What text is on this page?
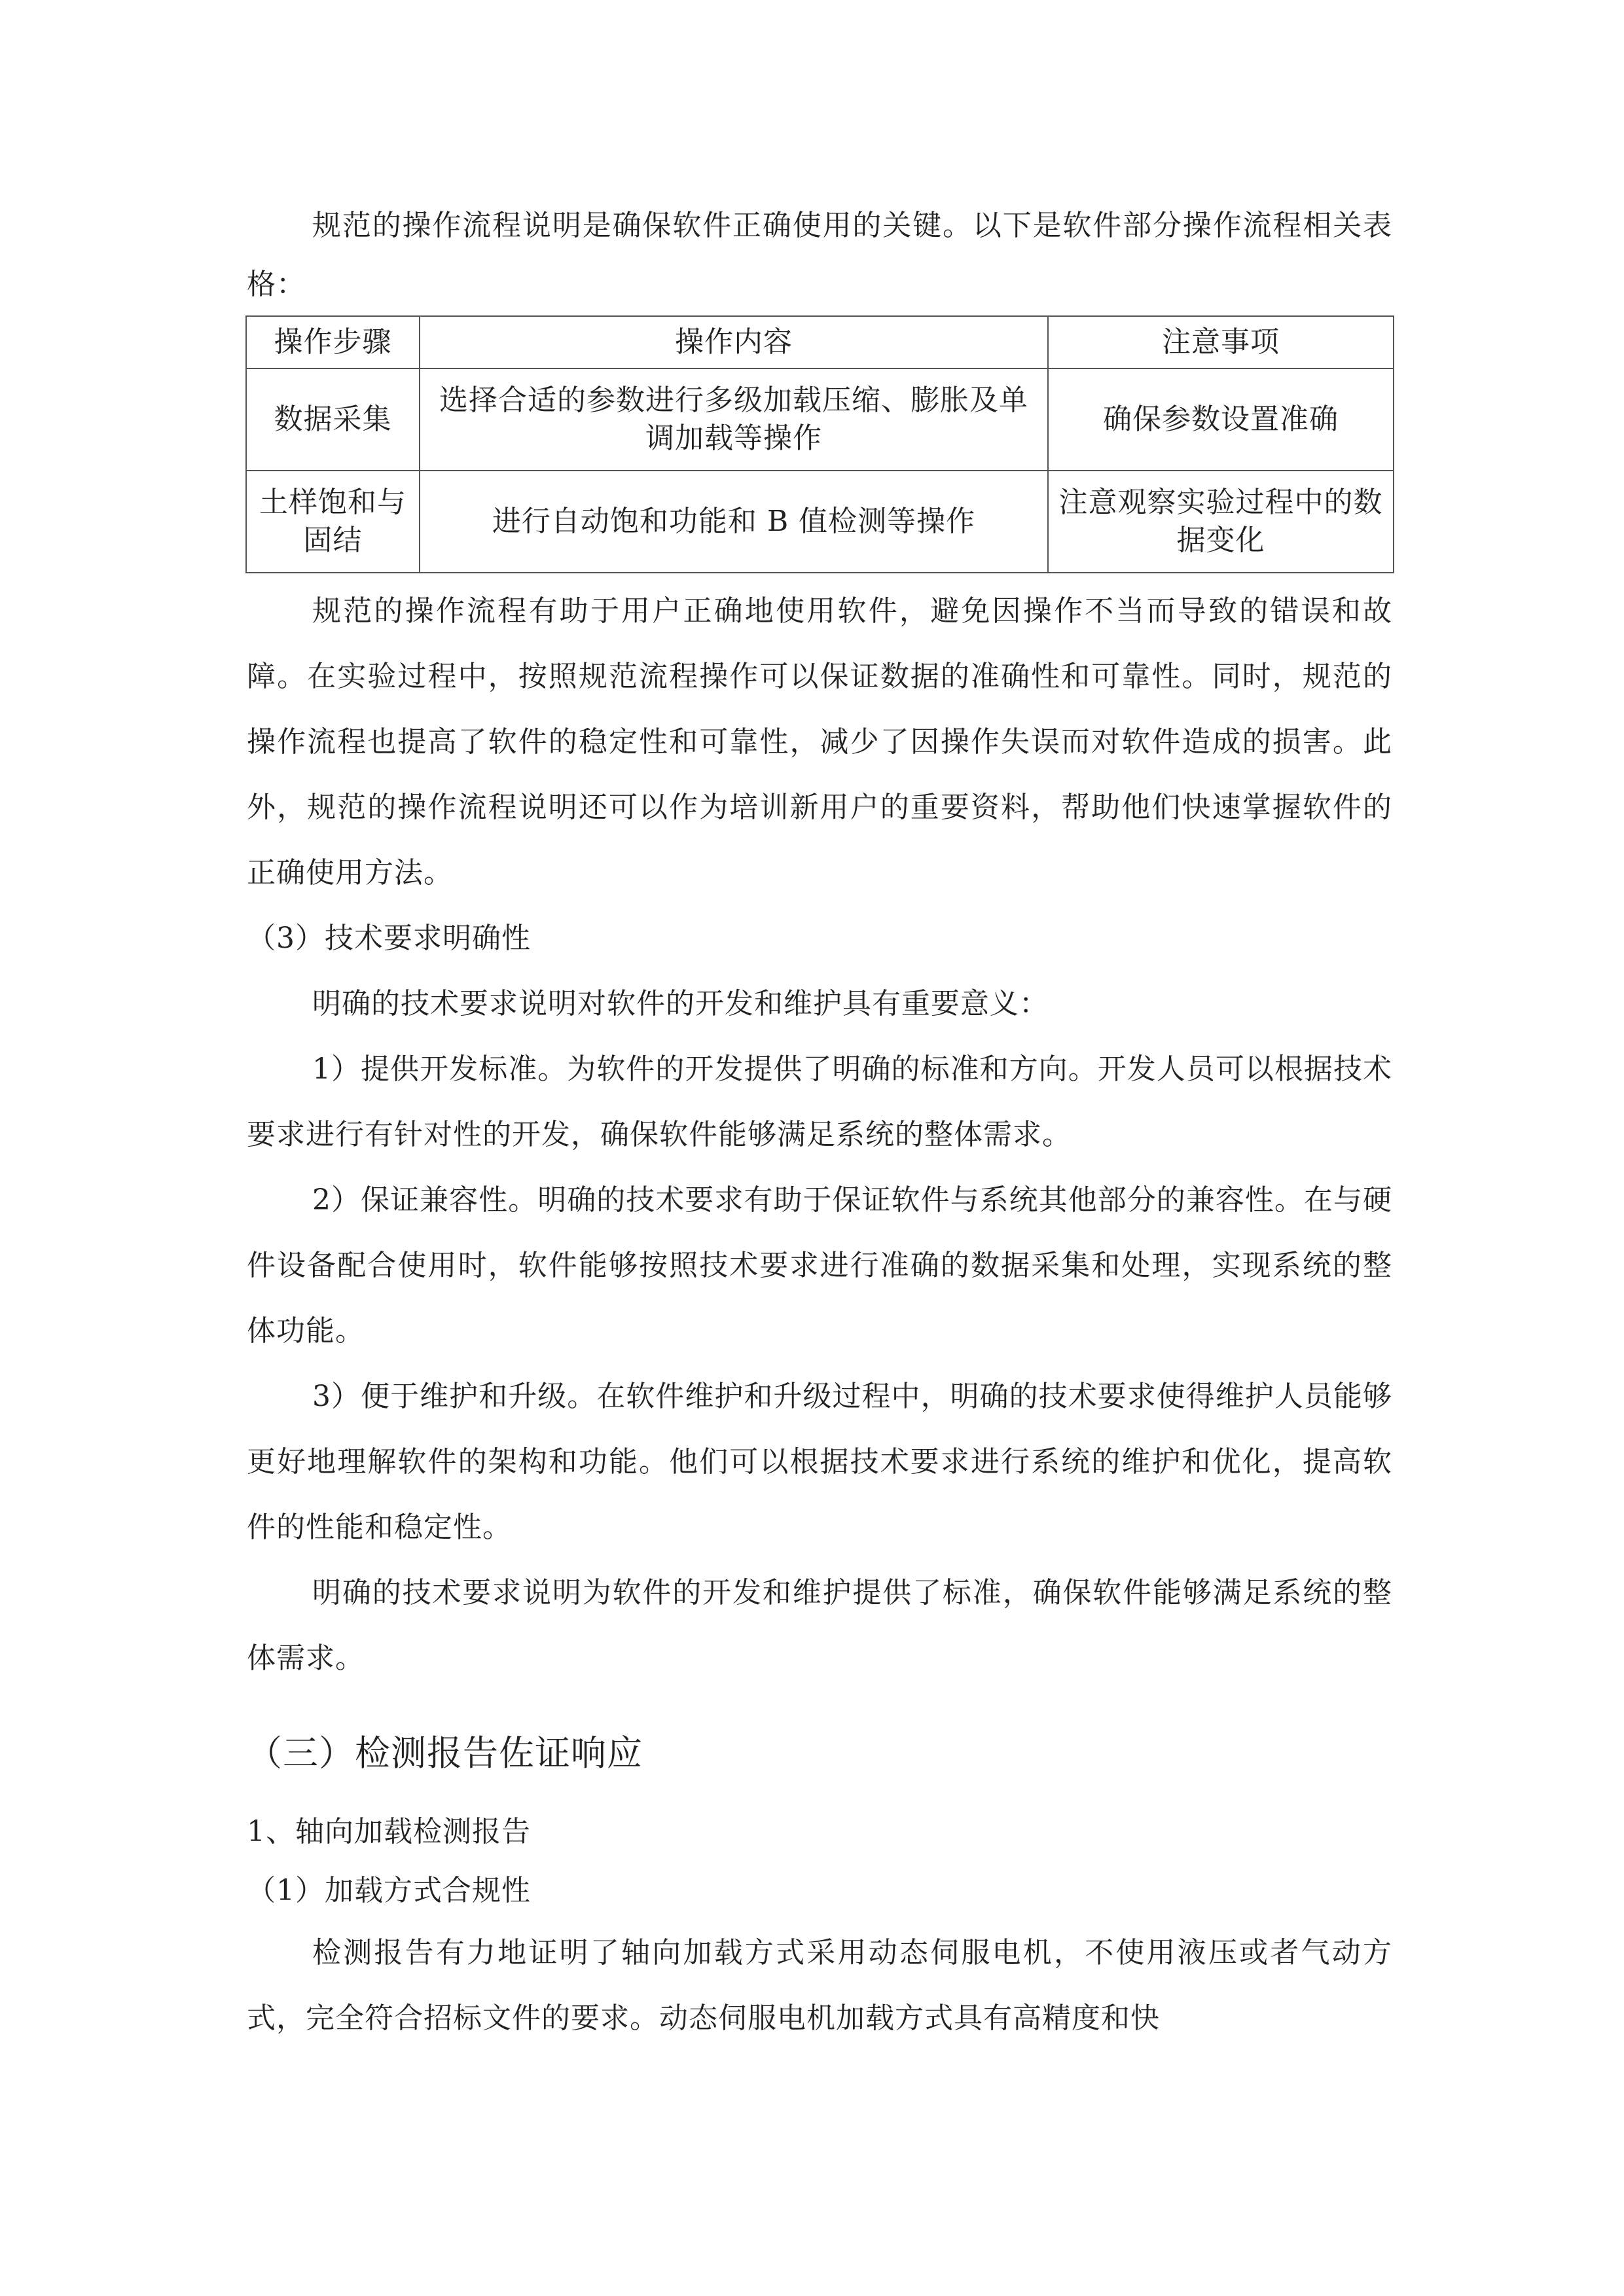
规范的操作流程说明是确保软件正确使用的关键。以下是软件部分操作流程相关表格：

操作步骤	操作内容	注意事项
数据采集	选择合适的参数进行多级加载压缩、膨胀及单调加载等操作	确保参数设置准确
土样饱和与固结	进行自动饱和功能和 B 值检测等操作	注意观察实验过程中的数据变化

规范的操作流程有助于用户正确地使用软件，避免因操作不当而导致的错误和故障。在实验过程中，按照规范流程操作可以保证数据的准确性和可靠性。同时，规范的操作流程也提高了软件的稳定性和可靠性，减少了因操作失误而对软件造成的损害。此外，规范的操作流程说明还可以作为培训新用户的重要资料，帮助他们快速掌握软件的正确使用方法。

（3）技术要求明确性

明确的技术要求说明对软件的开发和维护具有重要意义：

1）提供开发标准。为软件的开发提供了明确的标准和方向。开发人员可以根据技术要求进行有针对性的开发，确保软件能够满足系统的整体需求。

2）保证兼容性。明确的技术要求有助于保证软件与系统其他部分的兼容性。在与硬件设备配合使用时，软件能够按照技术要求进行准确的数据采集和处理，实现系统的整体功能。

3）便于维护和升级。在软件维护和升级过程中，明确的技术要求使得维护人员能够更好地理解软件的架构和功能。他们可以根据技术要求进行系统的维护和优化，提高软件的性能和稳定性。

明确的技术要求说明为软件的开发和维护提供了标准，确保软件能够满足系统的整体需求。

（三）检测报告佐证响应

1、轴向加载检测报告

（1）加载方式合规性

检测报告有力地证明了轴向加载方式采用动态伺服电机，不使用液压或者气动方式，完全符合招标文件的要求。动态伺服电机加载方式具有高精度和快
